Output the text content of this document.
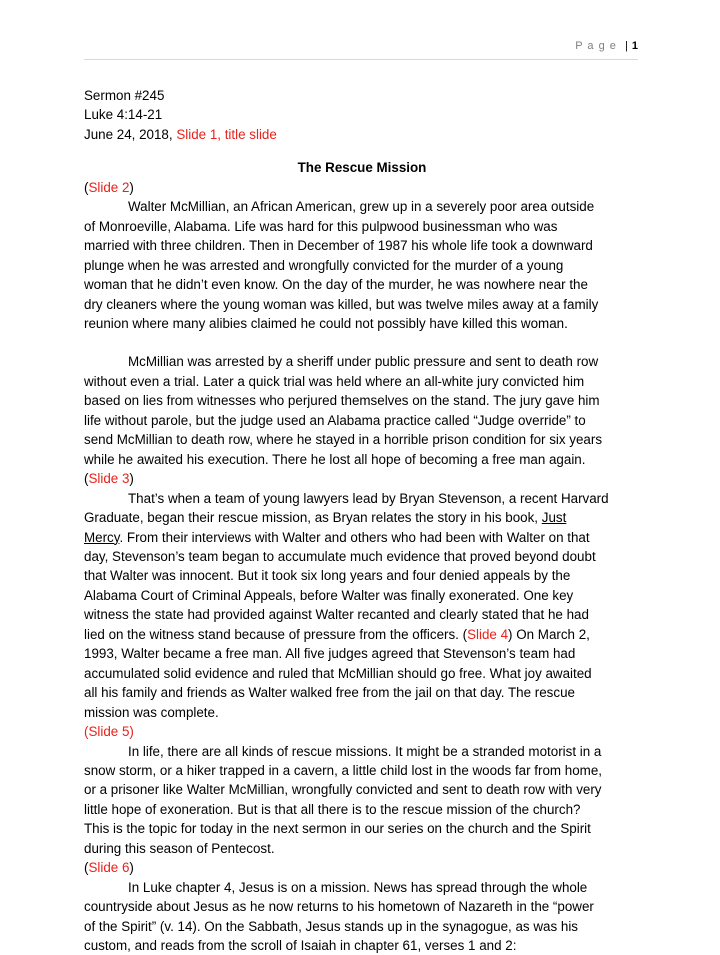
P a g e | 1
Sermon #245
Luke 4:14-21
June 24, 2018, Slide 1, title slide
The Rescue Mission
(Slide 2)
Walter McMillian, an African American, grew up in a severely poor area outside
of Monroeville, Alabama. Life was hard for this pulpwood businessman who was
married with three children. Then in December of 1987 his whole life took a downward
plunge when he was arrested and wrongfully convicted for the murder of a young
woman that he didn’t even know. On the day of the murder, he was nowhere near the
dry cleaners where the young woman was killed, but was twelve miles away at a family
reunion where many alibies claimed he could not possibly have killed this woman.
McMillian was arrested by a sheriff under public pressure and sent to death row
without even a trial. Later a quick trial was held where an all-white jury convicted him
based on lies from witnesses who perjured themselves on the stand. The jury gave him
life without parole, but the judge used an Alabama practice called “Judge override” to
send McMillian to death row, where he stayed in a horrible prison condition for six years
while he awaited his execution. There he lost all hope of becoming a free man again.
(Slide 3)
That’s when a team of young lawyers lead by Bryan Stevenson, a recent Harvard
Graduate, began their rescue mission, as Bryan relates the story in his book, Just
Mercy. From their interviews with Walter and others who had been with Walter on that
day, Stevenson’s team began to accumulate much evidence that proved beyond doubt
that Walter was innocent. But it took six long years and four denied appeals by the
Alabama Court of Criminal Appeals, before Walter was finally exonerated. One key
witness the state had provided against Walter recanted and clearly stated that he had
lied on the witness stand because of pressure from the officers. (Slide 4) On March 2,
1993, Walter became a free man. All five judges agreed that Stevenson’s team had
accumulated solid evidence and ruled that McMillian should go free. What joy awaited
all his family and friends as Walter walked free from the jail on that day. The rescue
mission was complete.
(Slide 5)
In life, there are all kinds of rescue missions. It might be a stranded motorist in a
snow storm, or a hiker trapped in a cavern, a little child lost in the woods far from home,
or a prisoner like Walter McMillian, wrongfully convicted and sent to death row with very
little hope of exoneration. But is that all there is to the rescue mission of the church?
This is the topic for today in the next sermon in our series on the church and the Spirit
during this season of Pentecost.
(Slide 6)
In Luke chapter 4, Jesus is on a mission. News has spread through the whole
countryside about Jesus as he now returns to his hometown of Nazareth in the “power
of the Spirit” (v. 14). On the Sabbath, Jesus stands up in the synagogue, as was his
custom, and reads from the scroll of Isaiah in chapter 61, verses 1 and 2:
